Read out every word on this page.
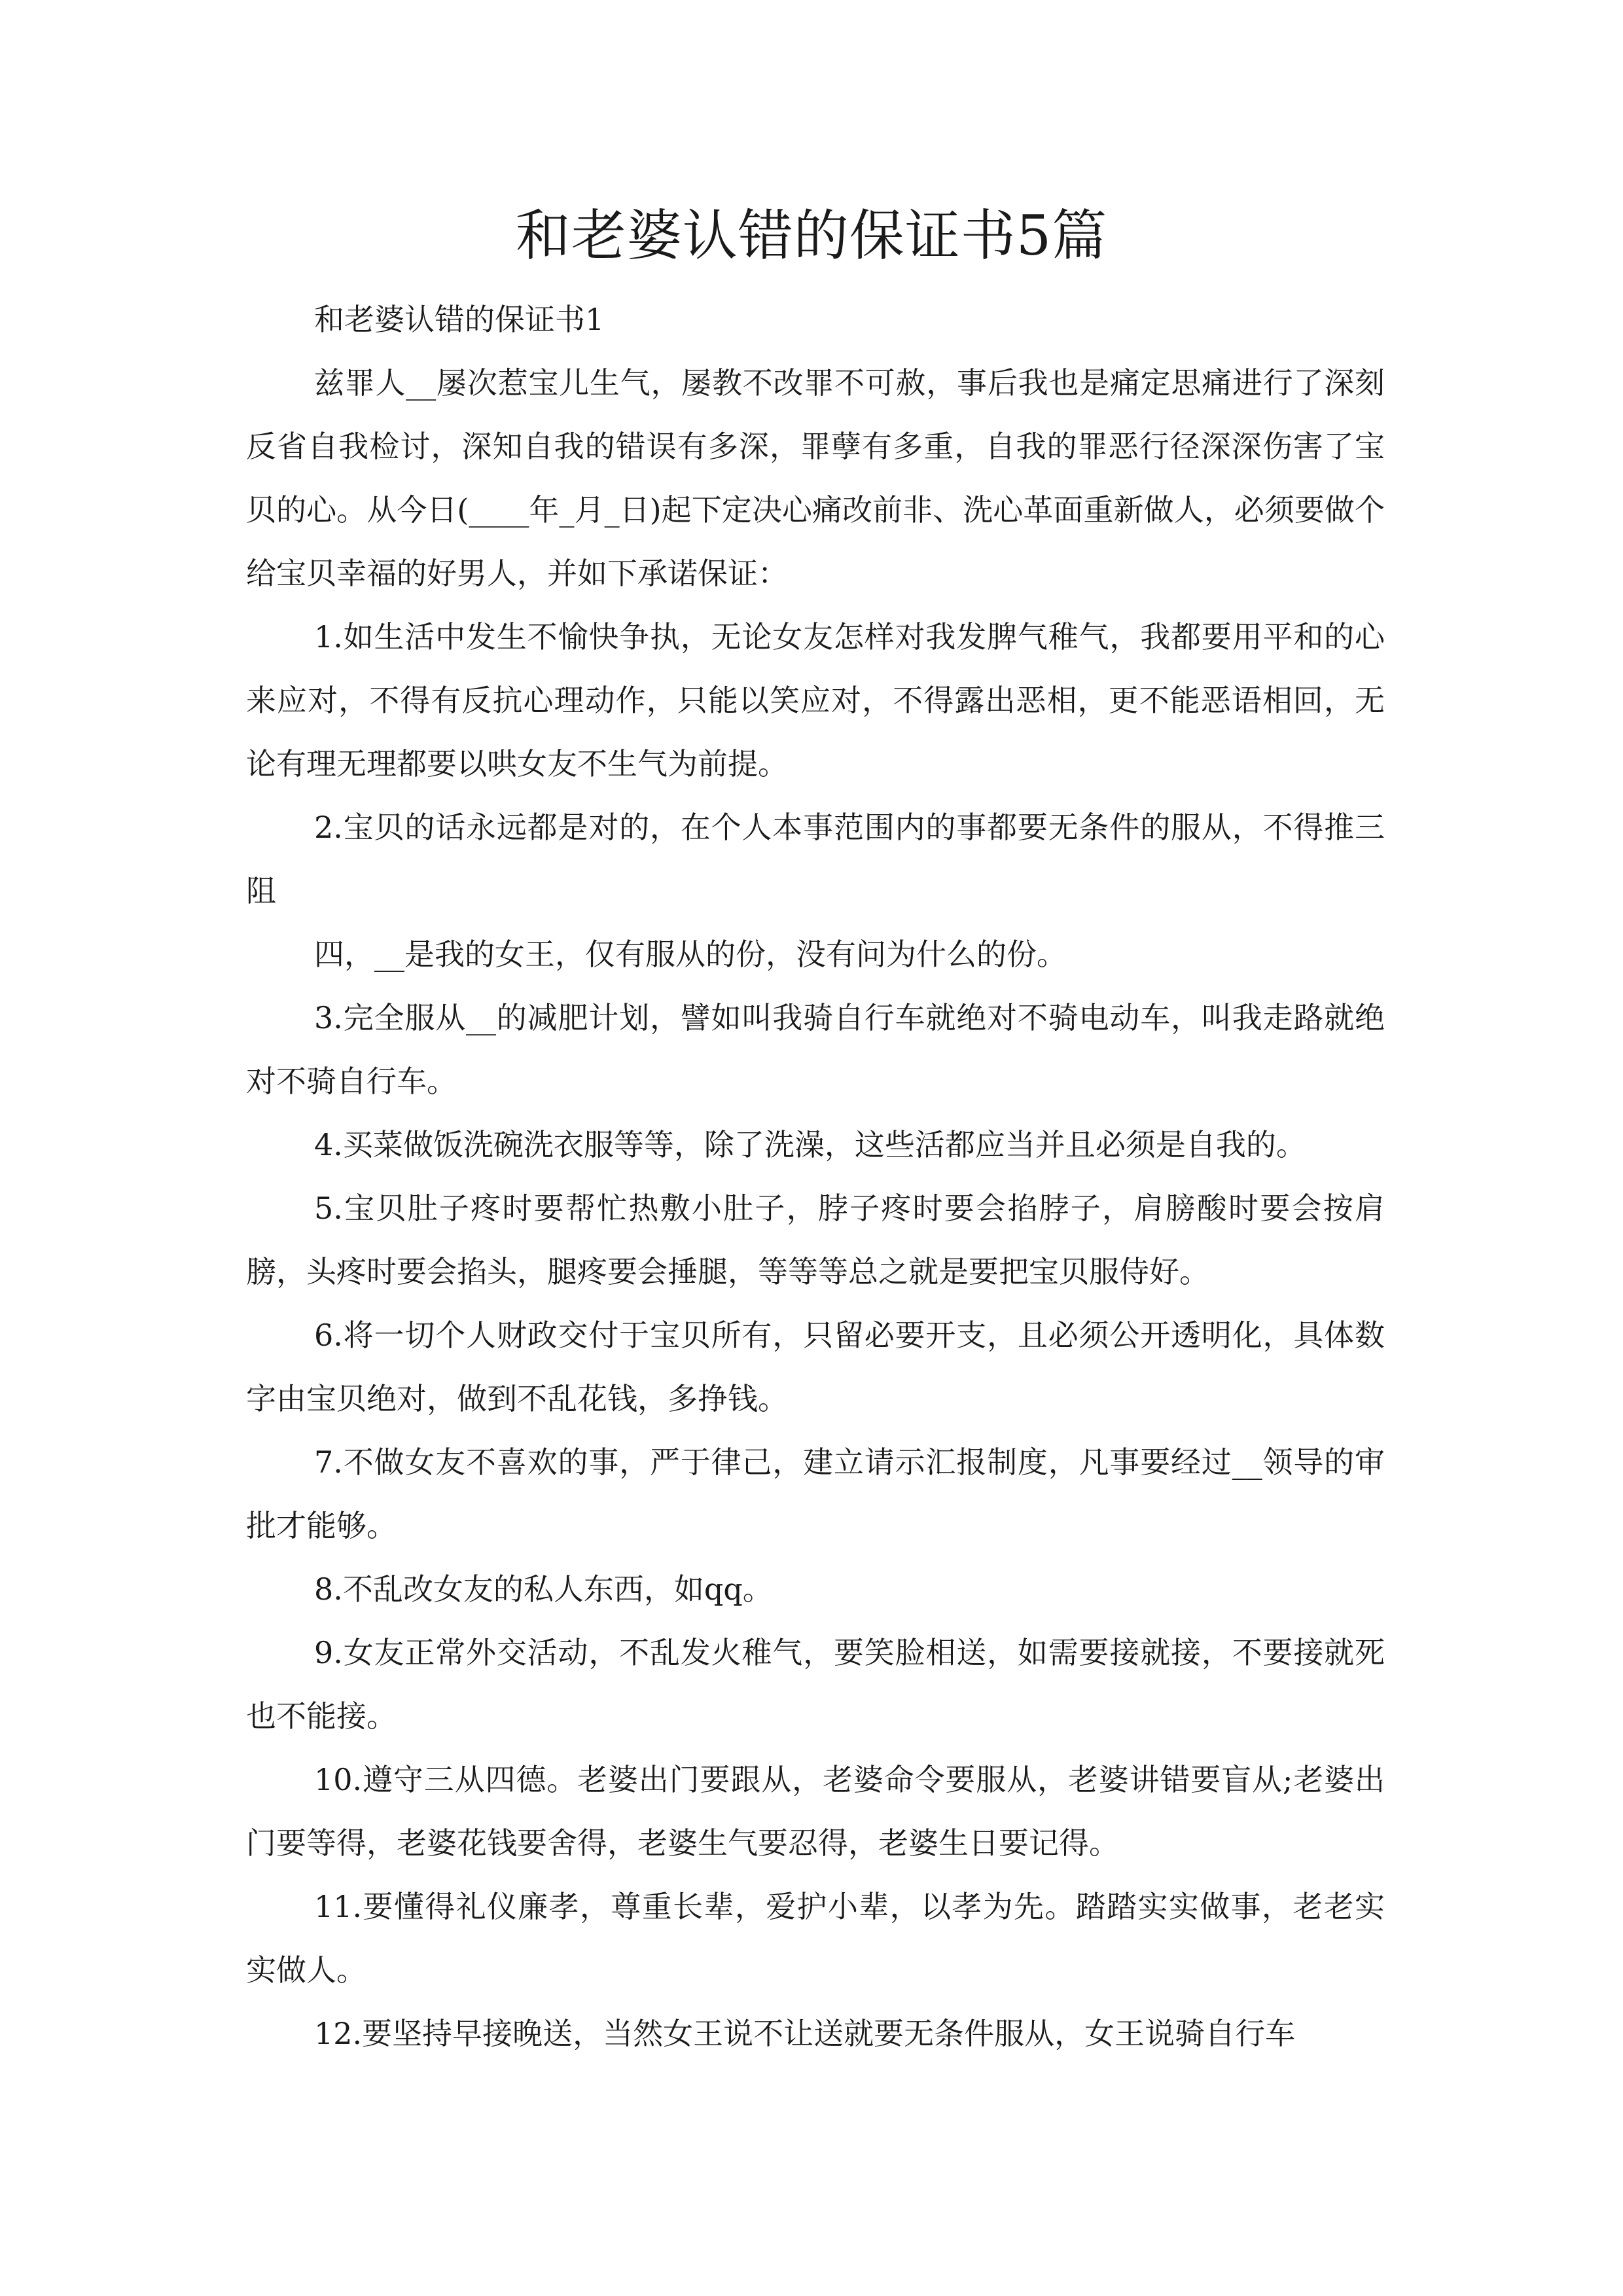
和老婆认错的保证书5篇

和老婆认错的保证书1

兹罪人__屡次惹宝儿生气，屡教不改罪不可赦，事后我也是痛定思痛进行了深刻反省自我检讨，深知自我的错误有多深，罪孽有多重，自我的罪恶行径深深伤害了宝贝的心。从今日(____年_月_日)起下定决心痛改前非、洗心革面重新做人，必须要做个给宝贝幸福的好男人，并如下承诺保证：

1.如生活中发生不愉快争执，无论女友怎样对我发脾气稚气，我都要用平和的心来应对，不得有反抗心理动作，只能以笑应对，不得露出恶相，更不能恶语相回，无论有理无理都要以哄女友不生气为前提。

2.宝贝的话永远都是对的，在个人本事范围内的事都要无条件的服从，不得推三阻

四，__是我的女王，仅有服从的份，没有问为什么的份。

3.完全服从__的减肥计划，譬如叫我骑自行车就绝对不骑电动车，叫我走路就绝对不骑自行车。

4.买菜做饭洗碗洗衣服等等，除了洗澡，这些活都应当并且必须是自我的。

5.宝贝肚子疼时要帮忙热敷小肚子，脖子疼时要会掐脖子，肩膀酸时要会按肩膀，头疼时要会掐头，腿疼要会捶腿，等等等总之就是要把宝贝服侍好。

6.将一切个人财政交付于宝贝所有，只留必要开支，且必须公开透明化，具体数字由宝贝绝对，做到不乱花钱，多挣钱。

7.不做女友不喜欢的事，严于律己，建立请示汇报制度，凡事要经过__领导的审批才能够。

8.不乱改女友的私人东西，如qq。

9.女友正常外交活动，不乱发火稚气，要笑脸相送，如需要接就接，不要接就死也不能接。

10.遵守三从四德。老婆出门要跟从，老婆命令要服从，老婆讲错要盲从;老婆出门要等得，老婆花钱要舍得，老婆生气要忍得，老婆生日要记得。

11.要懂得礼仪廉孝，尊重长辈，爱护小辈，以孝为先。踏踏实实做事，老老实实做人。

12.要坚持早接晚送，当然女王说不让送就要无条件服从，女王说骑自行车
